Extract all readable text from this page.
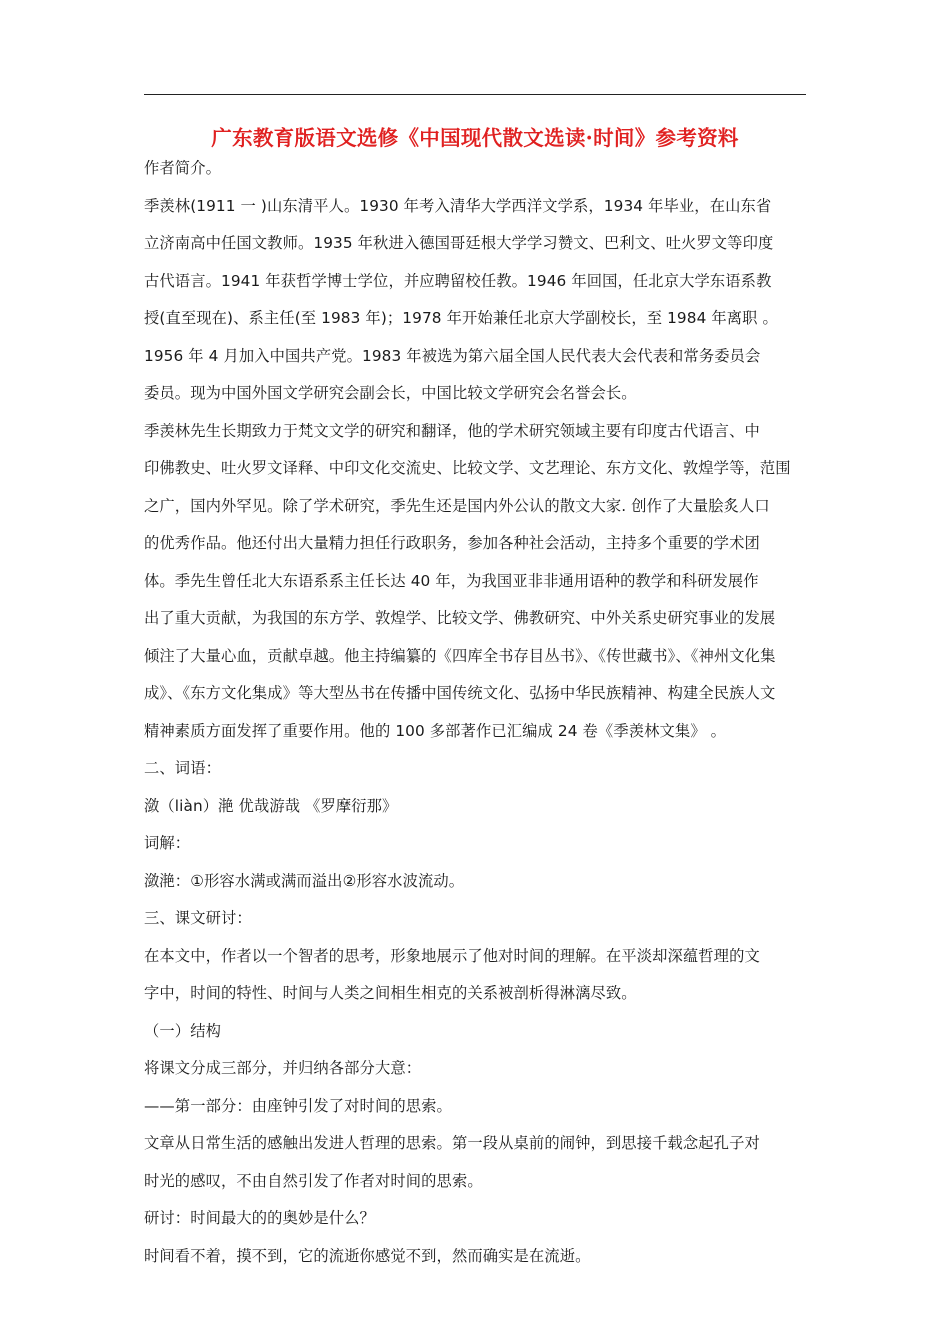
广东教育版语文选修《中国现代散文选读·时间》参考资料
作者简介。
季羡林(1911 一 )山东清平人。1930 年考入清华大学西洋文学系，1934 年毕业，在山东省
立济南高中任国文教师。1935 年秋进入德国哥廷根大学学习赞文、巴利文、吐火罗文等印度
古代语言。1941 年获哲学博士学位，并应聘留校任教。1946 年回国，任北京大学东语系教
授(直至现在)、系主任(至 1983 年)；1978 年开始兼任北京大学副校长，至 1984 年离职 。
1956 年 4 月加入中国共产党。1983 年被选为第六届全国人民代表大会代表和常务委员会
委员。现为中国外国文学研究会副会长，中国比较文学研究会名誉会长。
季羡林先生长期致力于梵文文学的研究和翻译，他的学术研究领域主要有印度古代语言、中
印佛教史、吐火罗文译释、中印文化交流史、比较文学、文艺理论、东方文化、敦煌学等，范围
之广，国内外罕见。除了学术研究，季先生还是国内外公认的散文大家. 创作了大量脍炙人口
的优秀作品。他还付出大量精力担任行政职务，参加各种社会活动，主持多个重要的学术团
体。季先生曾任北大东语系系主任长达 40 年，为我国亚非非通用语种的教学和科研发展作
出了重大贡献，为我国的东方学、敦煌学、比较文学、佛教研究、中外关系史研究事业的发展
倾注了大量心血，贡献卓越。他主持编纂的《四库全书存目丛书》、《传世藏书》、《神州文化集
成》、《东方文化集成》等大型丛书在传播中国传统文化、弘扬中华民族精神、构建全民族人文
精神素质方面发挥了重要作用。他的 100 多部著作已汇编成 24 卷《季羡林文集》 。
二、词语：
潋（liàn）滟 优哉游哉 《罗摩衍那》
词解：
潋滟：①形容水满或满而溢出②形容水波流动。
三、课文研讨：
在本文中，作者以一个智者的思考，形象地展示了他对时间的理解。在平淡却深蕴哲理的文
字中，时间的特性、时间与人类之间相生相克的关系被剖析得淋漓尽致。
（一）结构
将课文分成三部分，并归纳各部分大意：
——第一部分：由座钟引发了对时间的思索。
文章从日常生活的感触出发进人哲理的思索。第一段从桌前的闹钟，到思接千载念起孔子对
时光的感叹，不由自然引发了作者对时间的思索。
研讨：时间最大的的奥妙是什么？
时间看不着，摸不到，它的流逝你感觉不到，然而确实是在流逝。
